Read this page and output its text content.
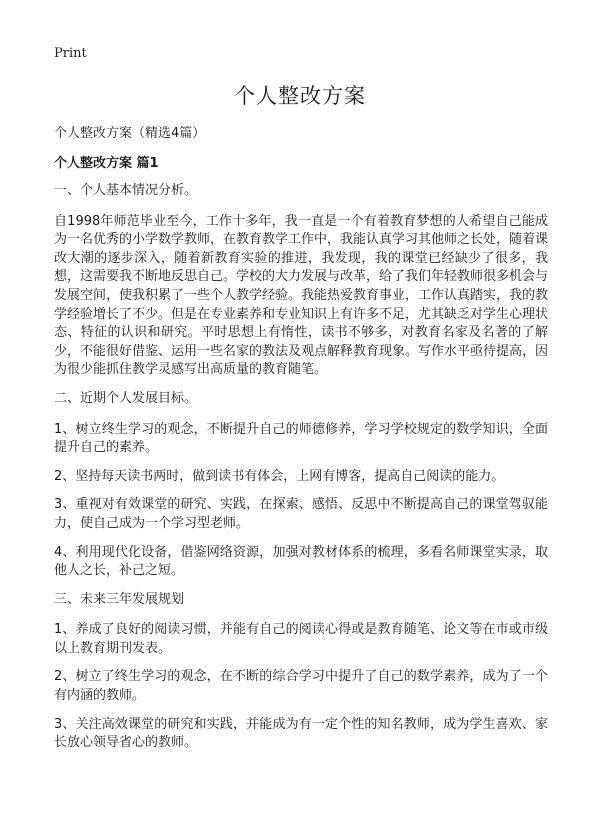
Print
个人整改方案

个人整改方案（精选4篇）

个人整改方案 篇1

一、个人基本情况分析。

自1998年师范毕业至今，工作十多年，我一直是一个有着教育梦想的人希望自己能成为一名优秀的小学数学教师，在教育教学工作中，我能认真学习其他师之长处，随着课改大潮的逐步深入，随着新教育实验的推进，我发现，我的课堂已经缺少了很多，我想，这需要我不断地反思自己。学校的大力发展与改革，给了我们年轻教师很多机会与发展空间，使我积累了一些个人教学经验。我能热爱教育事业，工作认真踏实，我的教学经验增长了不少。但是在专业素养和专业知识上有许多不足，尤其缺乏对学生心理状态、特征的认识和研究。平时思想上有惰性，读书不够多，对教育名家及名著的了解少，不能很好借鉴、运用一些名家的教法及观点解释教育现象。写作水平亟待提高，因为很少能抓住教学灵感写出高质量的教育随笔。

二、近期个人发展目标。

1、树立终生学习的观念，不断提升自己的师德修养，学习学校规定的数学知识，全面提升自己的素养。

2、坚持每天读书两时，做到读书有体会，上网有博客，提高自己阅读的能力。

3、重视对有效课堂的研究、实践，在探索、感悟、反思中不断提高自己的课堂驾驭能力，使自己成为一个学习型老师。

4、利用现代化设备，借鉴网络资源，加强对教材体系的梳理，多看名师课堂实录，取他人之长，补己之短。

三、未来三年发展规划

1、养成了良好的阅读习惯，并能有自己的阅读心得或是教育随笔、论文等在市或市级以上教育期刊发表。

2、树立了终生学习的观念，在不断的综合学习中提升了自己的数学素养，成为了一个有内涵的教师。

3、关注高效课堂的研究和实践，并能成为有一定个性的知名教师，成为学生喜欢、家长放心领导省心的教师。
